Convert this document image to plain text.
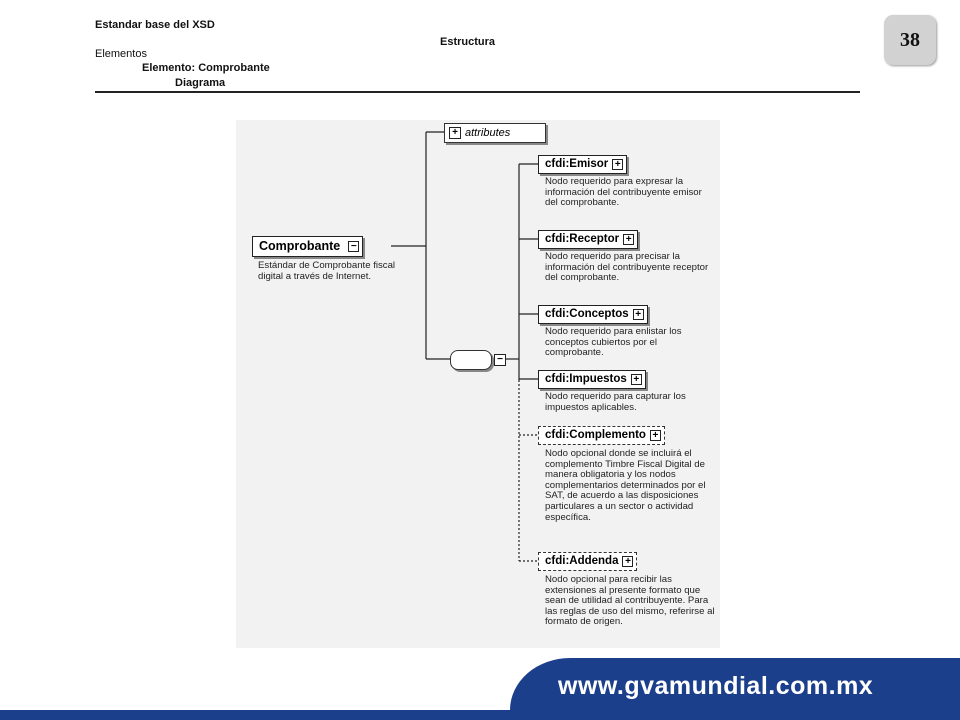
Estandar base del XSD
Estructura
Elementos
Elemento: Comprobante
Diagrama
38
+ attributes
Comprobante −
Estándar de Comprobante fiscal digital a través de Internet.
−
cfdi:Emisor +
Nodo requerido para expresar la información del contribuyente emisor del comprobante.
cfdi:Receptor +
Nodo requerido para precisar la información del contribuyente receptor del comprobante.
cfdi:Conceptos +
Nodo requerido para enlistar los conceptos cubiertos por el comprobante.
cfdi:Impuestos +
Nodo requerido para capturar los impuestos aplicables.
cfdi:Complemento +
Nodo opcional donde se incluirá el complemento Timbre Fiscal Digital de manera obligatoria y los nodos complementarios determinados por el SAT, de acuerdo a las disposiciones particulares a un sector o actividad específica.
cfdi:Addenda +
Nodo opcional para recibir las extensiones al presente formato que sean de utilidad al contribuyente. Para las reglas de uso del mismo, referirse al formato de origen.
www.gvamundial.com.mx
